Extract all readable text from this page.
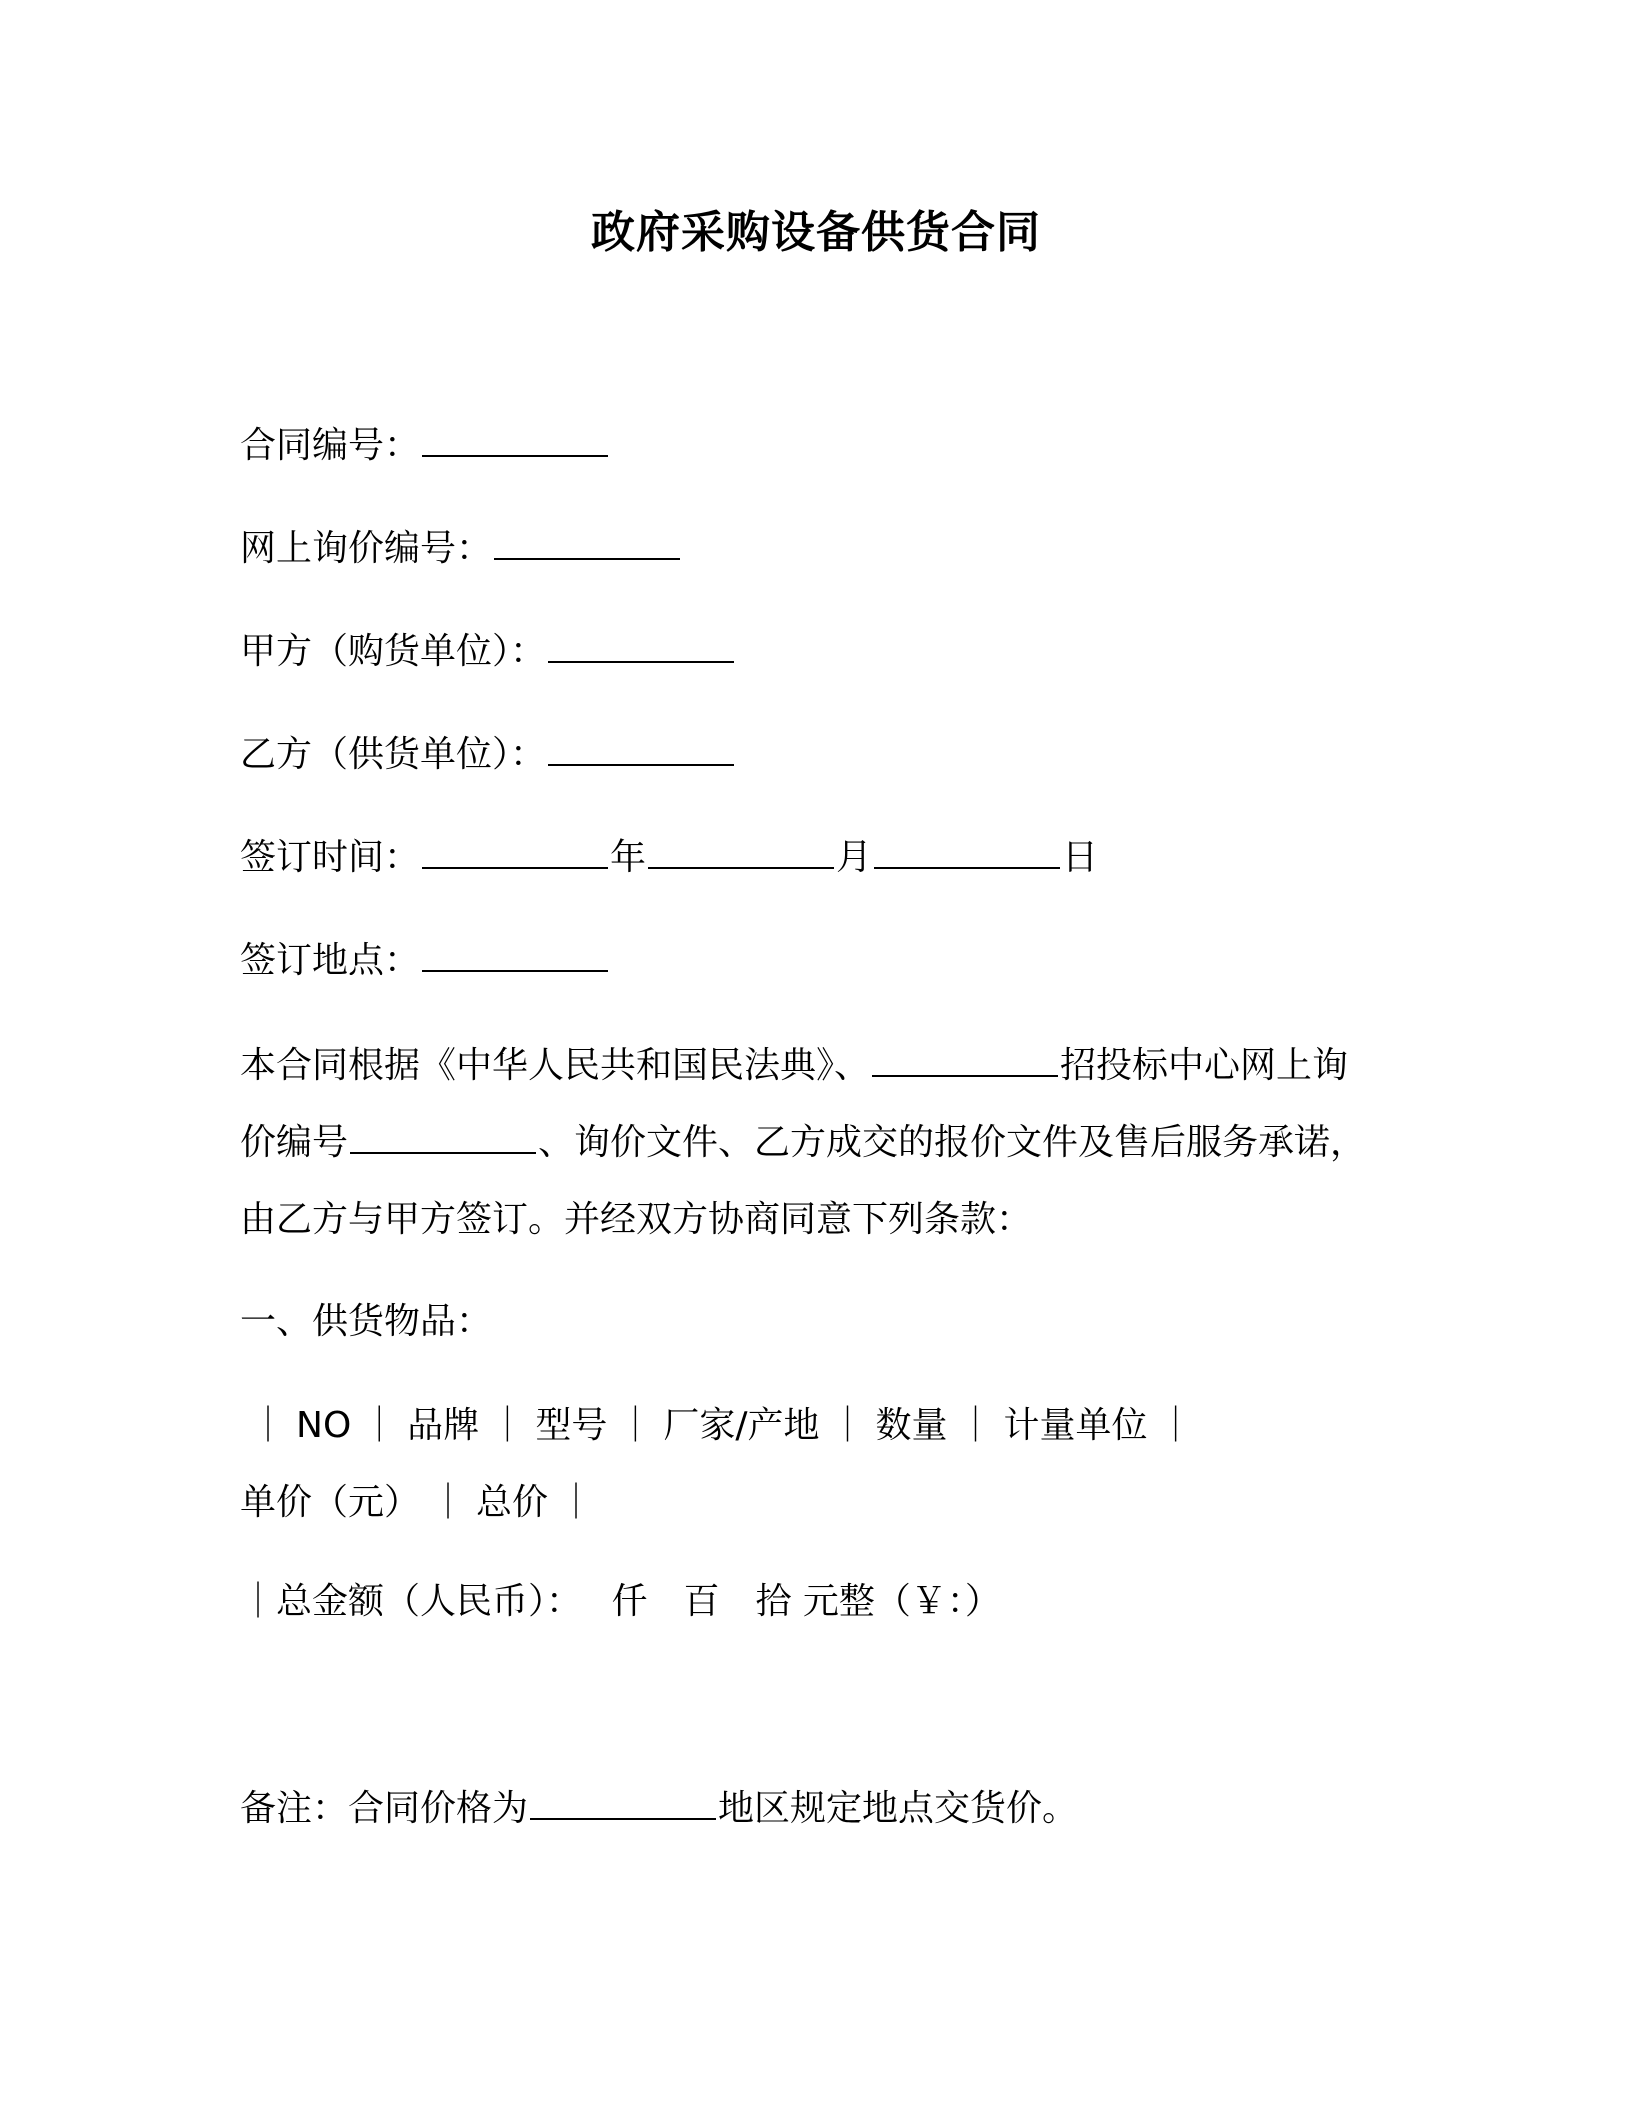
政府采购设备供货合同
合同编号：
网上询价编号：
甲方（购货单位）：
乙方（供货单位）：
签订时间：	年	月	日
签订地点：
本合同根据《中华人民共和国民法典》、	招投标中心网上询价编号	、询价文件、乙方成交的报价文件及售后服务承诺，由乙方与甲方签订。并经双方协商同意下列条款：
一、供货物品：
｜ NO ｜ 品牌 ｜ 型号 ｜ 厂家/产地 ｜ 数量 ｜ 计量单位 ｜单价（元） ｜ 总价 ｜
｜总金额（人民币）：　 仟　百　拾 元整（￥：）
备注：合同价格为	地区规定地点交货价。
